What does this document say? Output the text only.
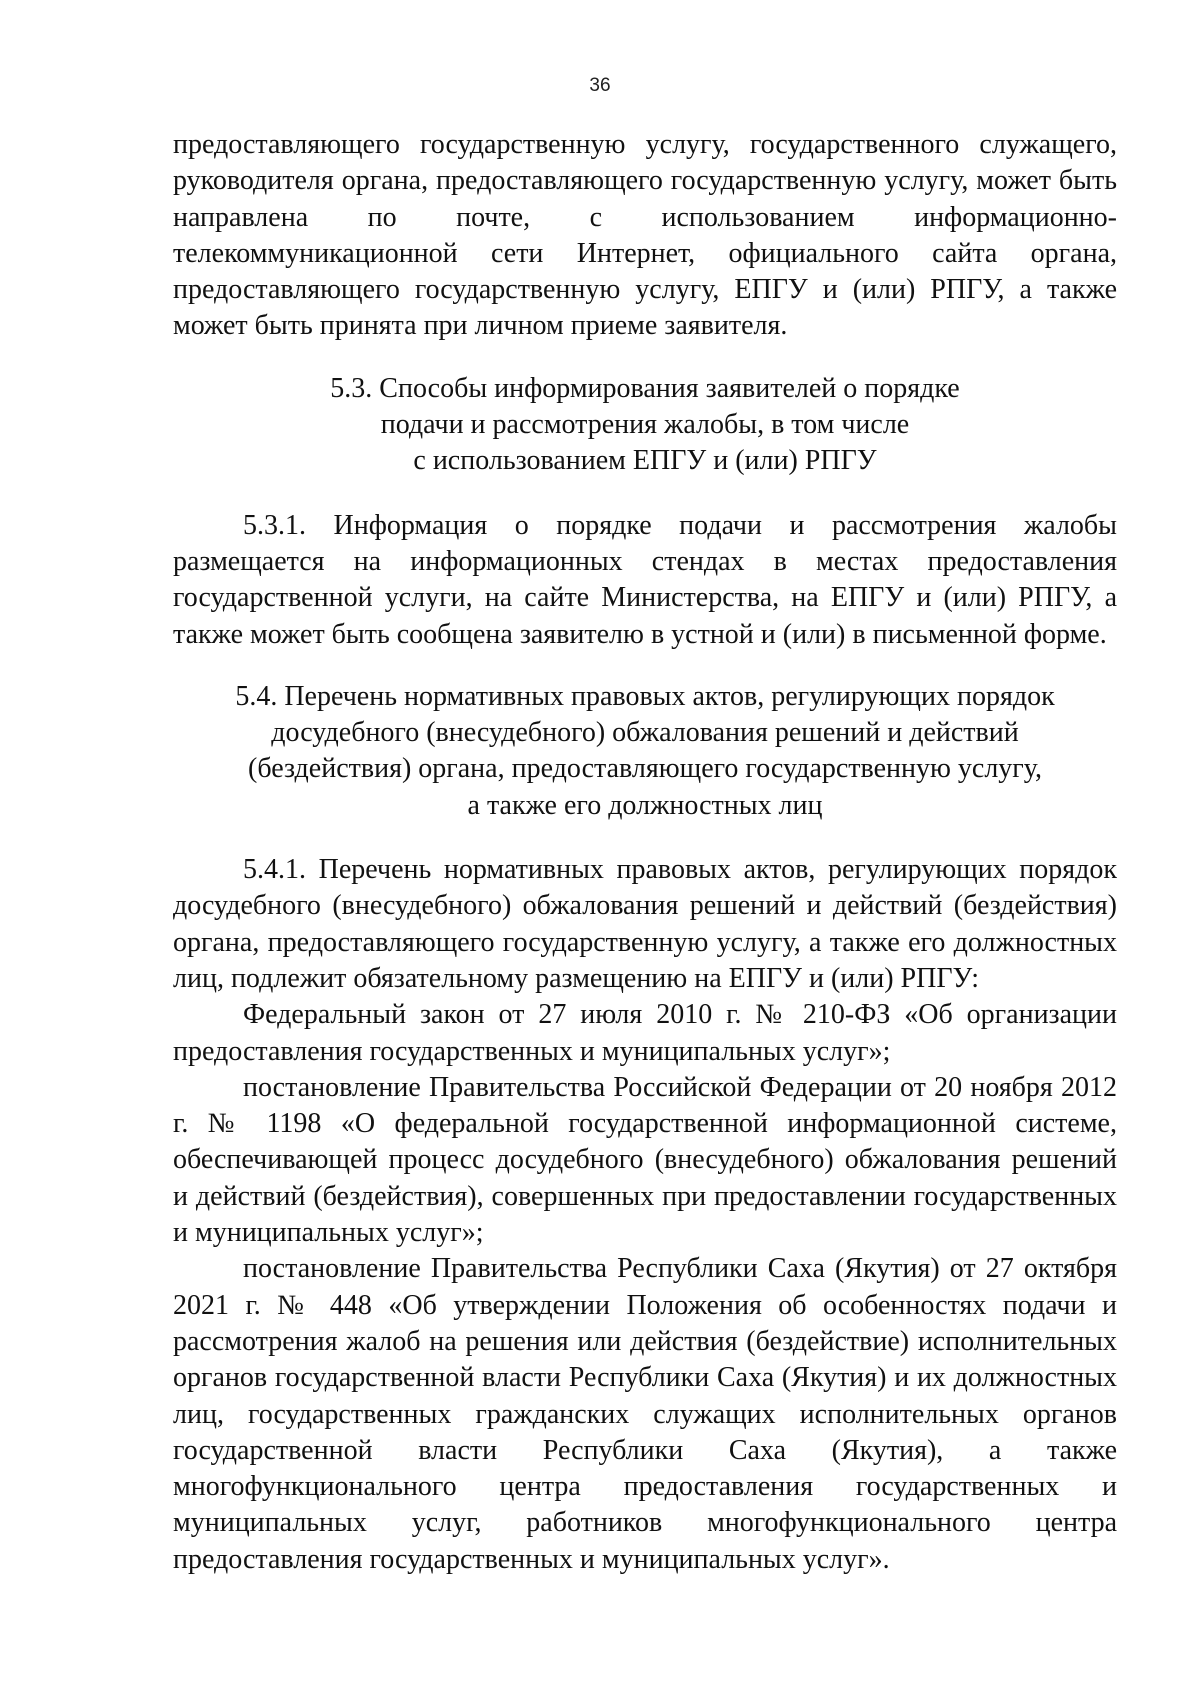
36

предоставляющего государственную услугу, государственного служащего, руководителя органа, предоставляющего государственную услугу, может быть направлена по почте, с использованием информационно-телекоммуникационной сети Интернет, официального сайта органа, предоставляющего государственную услугу, ЕПГУ и (или) РПГУ, а также может быть принята при личном приеме заявителя.

5.3. Способы информирования заявителей о порядке
подачи и рассмотрения жалобы, в том числе
с использованием ЕПГУ и (или) РПГУ

5.3.1. Информация о порядке подачи и рассмотрения жалобы размещается на информационных стендах в местах предоставления государственной услуги, на сайте Министерства, на ЕПГУ и (или) РПГУ, а также может быть сообщена заявителю в устной и (или) в письменной форме.

5.4. Перечень нормативных правовых актов, регулирующих порядок
досудебного (внесудебного) обжалования решений и действий
(бездействия) органа, предоставляющего государственную услугу,
а также его должностных лиц

5.4.1. Перечень нормативных правовых актов, регулирующих порядок досудебного (внесудебного) обжалования решений и действий (бездействия) органа, предоставляющего государственную услугу, а также его должностных лиц, подлежит обязательному размещению на ЕПГУ и (или) РПГУ:

Федеральный закон от 27 июля 2010 г. № 210-ФЗ «Об организации предоставления государственных и муниципальных услуг»;

постановление Правительства Российской Федерации от 20 ноября 2012 г. № 1198 «О федеральной государственной информационной системе, обеспечивающей процесс досудебного (внесудебного) обжалования решений и действий (бездействия), совершенных при предоставлении государственных и муниципальных услуг»;

постановление Правительства Республики Саха (Якутия) от 27 октября 2021 г. № 448 «Об утверждении Положения об особенностях подачи и рассмотрения жалоб на решения или действия (бездействие) исполнительных органов государственной власти Республики Саха (Якутия) и их должностных лиц, государственных гражданских служащих исполнительных органов государственной власти Республики Саха (Якутия), а также многофункционального центра предоставления государственных и муниципальных услуг, работников многофункционального центра предоставления государственных и муниципальных услуг».
